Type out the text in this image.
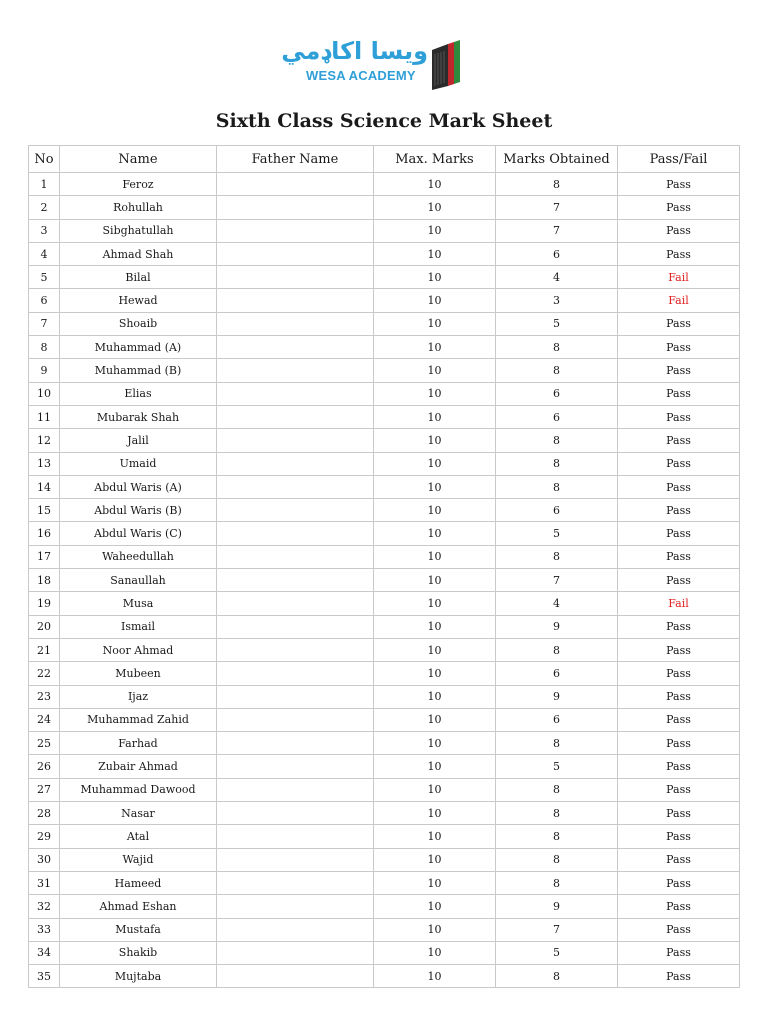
ويسا اكاډمي
WESA ACADEMY
Sixth Class Science Mark Sheet
No	Name	Father Name	Max. Marks	Marks Obtained	Pass/Fail
1	Feroz		10	8	Pass
2	Rohullah		10	7	Pass
3	Sibghatullah		10	7	Pass
4	Ahmad Shah		10	6	Pass
5	Bilal		10	4	Fail
6	Hewad		10	3	Fail
7	Shoaib		10	5	Pass
8	Muhammad (A)		10	8	Pass
9	Muhammad (B)		10	8	Pass
10	Elias		10	6	Pass
11	Mubarak Shah		10	6	Pass
12	Jalil		10	8	Pass
13	Umaid		10	8	Pass
14	Abdul Waris (A)		10	8	Pass
15	Abdul Waris (B)		10	6	Pass
16	Abdul Waris (C)		10	5	Pass
17	Waheedullah		10	8	Pass
18	Sanaullah		10	7	Pass
19	Musa		10	4	Fail
20	Ismail		10	9	Pass
21	Noor Ahmad		10	8	Pass
22	Mubeen		10	6	Pass
23	Ijaz		10	9	Pass
24	Muhammad Zahid		10	6	Pass
25	Farhad		10	8	Pass
26	Zubair Ahmad		10	5	Pass
27	Muhammad Dawood		10	8	Pass
28	Nasar		10	8	Pass
29	Atal		10	8	Pass
30	Wajid		10	8	Pass
31	Hameed		10	8	Pass
32	Ahmad Eshan		10	9	Pass
33	Mustafa		10	7	Pass
34	Shakib		10	5	Pass
35	Mujtaba		10	8	Pass
